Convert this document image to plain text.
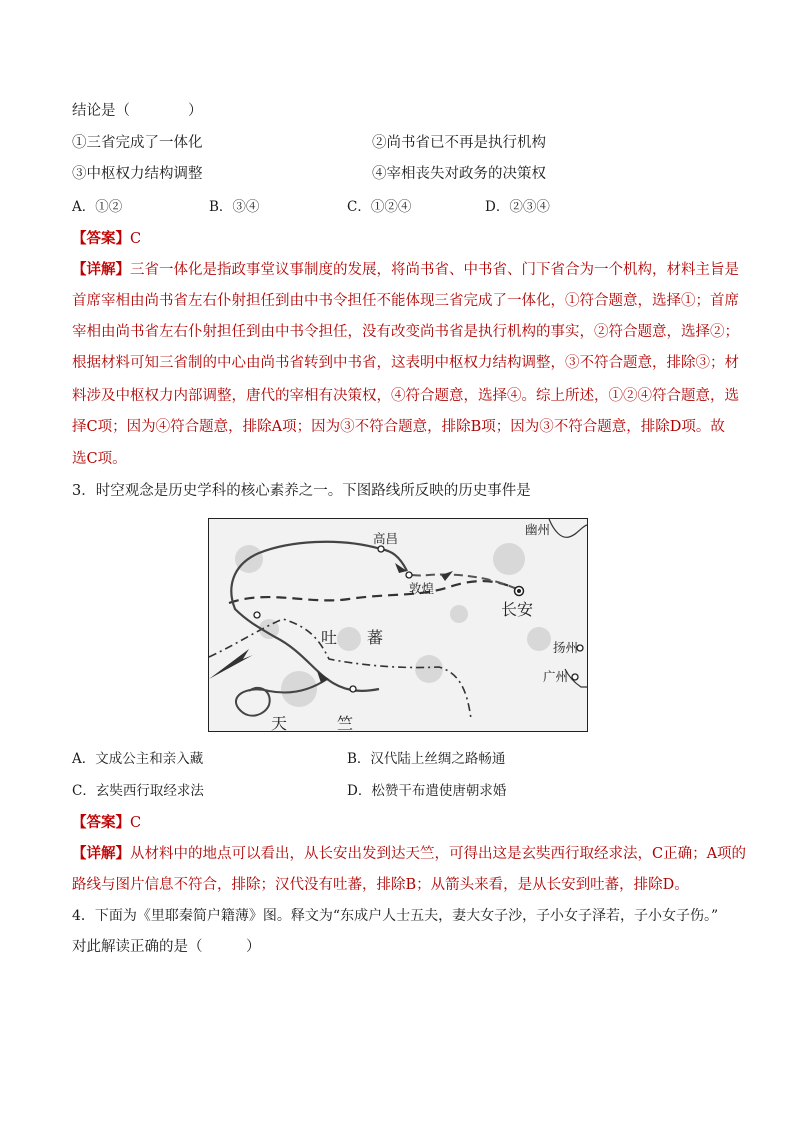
结论是（　　　　）
①三省完成了一体化	②尚书省已不再是执行机构
③中枢权力结构调整	④宰相丧失对政务的决策权
A．①②	B．③④	C．①②④	D．②③④
【答案】C
【详解】三省一体化是指政事堂议事制度的发展，将尚书省、中书省、门下省合为一个机构，材料主旨是
首席宰相由尚书省左右仆射担任到由中书令担任不能体现三省完成了一体化，①符合题意，选择①；首席
宰相由尚书省左右仆射担任到由中书令担任，没有改变尚书省是执行机构的事实，②符合题意，选择②；
根据材料可知三省制的中心由尚书省转到中书省，这表明中枢权力结构调整，③不符合题意，排除③；材
料涉及中枢权力内部调整，唐代的宰相有决策权，④符合题意，选择④。综上所述，①②④符合题意，选
择C项；因为④符合题意，排除A项；因为③不符合题意，排除B项；因为③不符合题意，排除D项。故
选C项。
3．时空观念是历史学科的核心素养之一。下图路线所反映的历史事件是
幽州
高昌
敦煌
长安
扬州
广州
吐 蕃
天	竺
A．文成公主和亲入藏	B．汉代陆上丝绸之路畅通
C．玄奘西行取经求法	D．松赞干布遣使唐朝求婚
【答案】C
【详解】从材料中的地点可以看出，从长安出发到达天竺，可得出这是玄奘西行取经求法，C正确；A项的
路线与图片信息不符合，排除；汉代没有吐蕃，排除B；从箭头来看，是从长安到吐蕃，排除D。
4．下面为《里耶秦简户籍薄》图。释文为“东成户人士五夫，妻大女子沙，子小女子泽若，子小女子伤。”
对此解读正确的是（　　　）
